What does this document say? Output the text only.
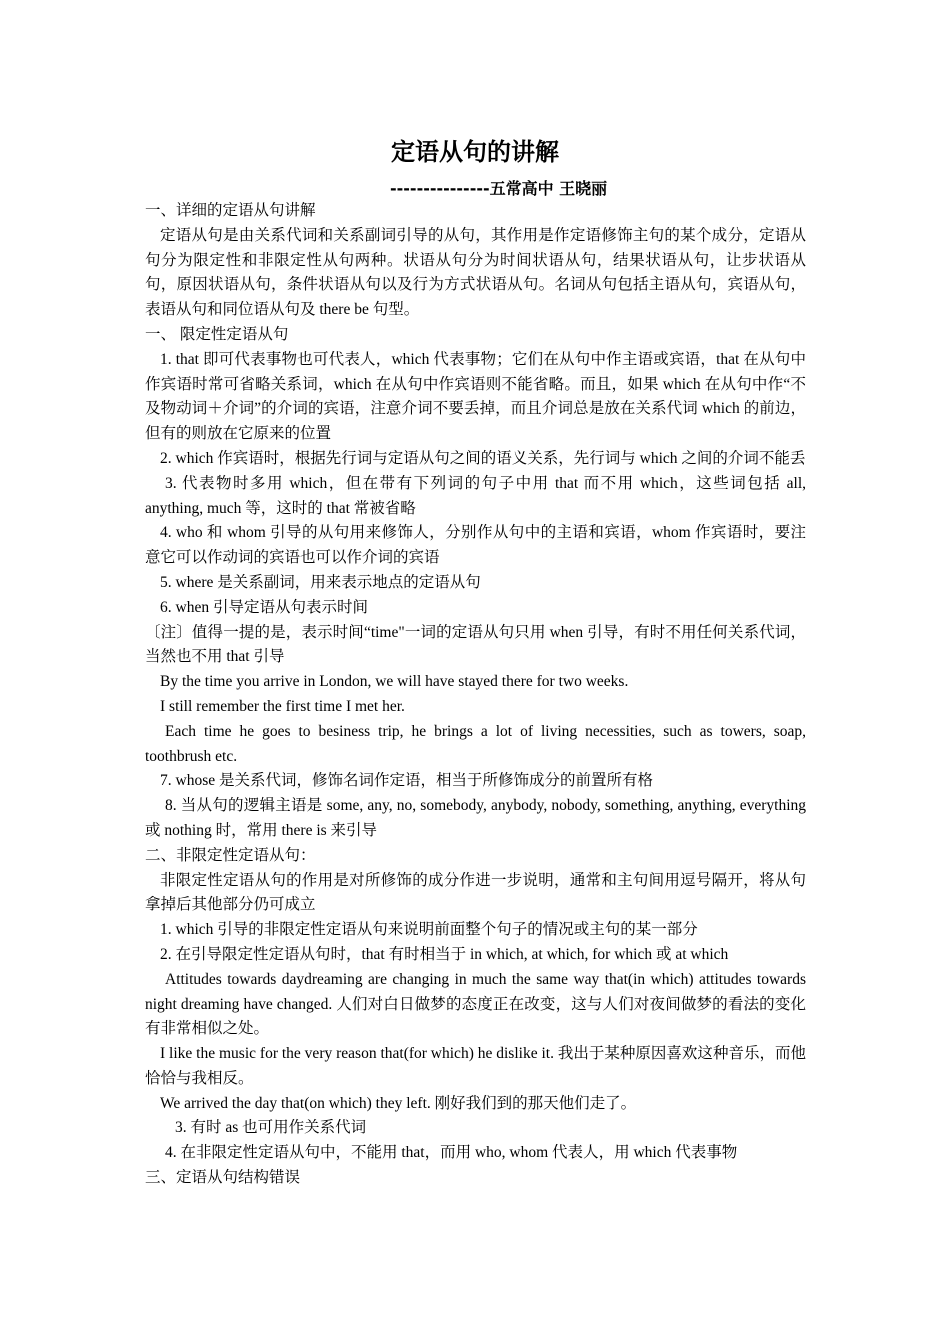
定语从句的讲解
---------------五常高中 王晓丽

一、详细的定语从句讲解

定语从句是由关系代词和关系副词引导的从句，其作用是作定语修饰主句的某个成分，定语从句分为限定性和非限定性从句两种。状语从句分为时间状语从句，结果状语从句，让步状语从句，原因状语从句，条件状语从句以及行为方式状语从句。名词从句包括主语从句，宾语从句，表语从句和同位语从句及 there be 句型。

一、 限定性定语从句

1. that 即可代表事物也可代表人，which 代表事物；它们在从句中作主语或宾语，that 在从句中作宾语时常可省略关系词，which 在从句中作宾语则不能省略。而且，如果 which 在从句中作“不及物动词＋介词”的介词的宾语，注意介词不要丢掉，而且介词总是放在关系代词 which 的前边，但有的则放在它原来的位置

2. which 作宾语时，根据先行词与定语从句之间的语义关系，先行词与 which 之间的介词不能丢

3. 代表物时多用 which，但在带有下列词的句子中用 that 而不用 which，这些词包括 all, anything, much 等，这时的 that 常被省略

4. who 和 whom 引导的从句用来修饰人，分别作从句中的主语和宾语，whom 作宾语时，要注意它可以作动词的宾语也可以作介词的宾语

5. where 是关系副词，用来表示地点的定语从句

6. when 引导定语从句表示时间

〔注〕值得一提的是，表示时间“time"一词的定语从句只用 when 引导，有时不用任何关系代词，当然也不用 that 引导

By the time you arrive in London, we will have stayed there for two weeks.

I still remember the first time I met her.

Each time he goes to besiness trip, he brings a lot of living necessities, such as towers, soap, toothbrush etc.

7. whose 是关系代词，修饰名词作定语，相当于所修饰成分的前置所有格

8. 当从句的逻辑主语是 some, any, no, somebody, anybody, nobody, something, anything, everything 或 nothing 时，常用 there is 来引导

二、非限定性定语从句：

非限定性定语从句的作用是对所修饰的成分作进一步说明，通常和主句间用逗号隔开，将从句拿掉后其他部分仍可成立

1. which 引导的非限定性定语从句来说明前面整个句子的情况或主句的某一部分

2. 在引导限定性定语从句时，that 有时相当于 in which, at which, for which 或 at which

Attitudes towards daydreaming are changing in much the same way that(in which) attitudes towards night dreaming have changed. 人们对白日做梦的态度正在改变，这与人们对夜间做梦的看法的变化有非常相似之处。

I like the music for the very reason that(for which) he dislike it. 我出于某种原因喜欢这种音乐，而他恰恰与我相反。

We arrived the day that(on which) they left. 刚好我们到的那天他们走了。

3. 有时 as 也可用作关系代词

4. 在非限定性定语从句中，不能用 that，而用 who, whom 代表人，用 which 代表事物

三、定语从句结构错误
